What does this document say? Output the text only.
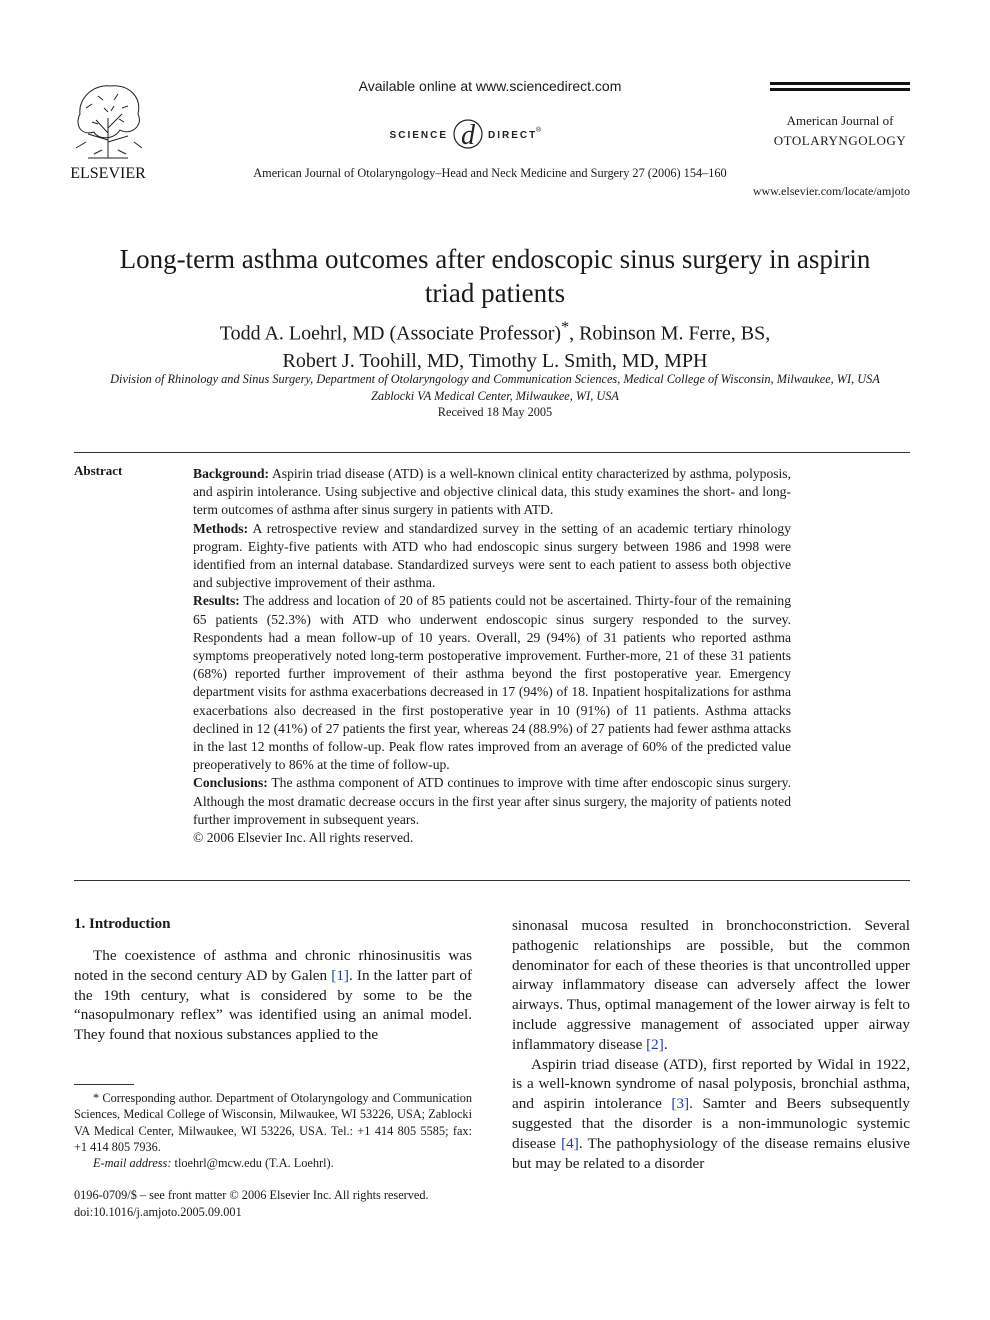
ELSEVIER
Available online at www.sciencedirect.com
SCIENCE d DIRECT
®
American Journal of Otolaryngology–Head and Neck Medicine and Surgery 27 (2006) 154–160
American Journal of
OTOLARYNGOLOGY
www.elsevier.com/locate/amjoto
Long-term asthma outcomes after endoscopic sinus surgery in aspirin triad patients
Todd A. Loehrl, MD (Associate Professor)*, Robinson M. Ferre, BS,
Robert J. Toohill, MD, Timothy L. Smith, MD, MPH
Division of Rhinology and Sinus Surgery, Department of Otolaryngology and Communication Sciences, Medical College of Wisconsin, Milwaukee, WI, USA
Zablocki VA Medical Center, Milwaukee, WI, USA
Received 18 May 2005
Abstract	Background: Aspirin triad disease (ATD) is a well-known clinical entity characterized by asthma, polyposis, and aspirin intolerance. Using subjective and objective clinical data, this study examines the short- and long-term outcomes of asthma after sinus surgery in patients with ATD.

Methods: A retrospective review and standardized survey in the setting of an academic tertiary rhinology program. Eighty-five patients with ATD who had endoscopic sinus surgery between 1986 and 1998 were identified from an internal database. Standardized surveys were sent to each patient to assess both objective and subjective improvement of their asthma.

Results: The address and location of 20 of 85 patients could not be ascertained. Thirty-four of the remaining 65 patients (52.3%) with ATD who underwent endoscopic sinus surgery responded to the survey. Respondents had a mean follow-up of 10 years. Overall, 29 (94%) of 31 patients who reported asthma symptoms preoperatively noted long-term postoperative improvement. Further-more, 21 of these 31 patients (68%) reported further improvement of their asthma beyond the first postoperative year. Emergency department visits for asthma exacerbations decreased in 17 (94%) of 18. Inpatient hospitalizations for asthma exacerbations also decreased in the first postoperative year in 10 (91%) of 11 patients. Asthma attacks declined in 12 (41%) of 27 patients the first year, whereas 24 (88.9%) of 27 patients had fewer asthma attacks in the last 12 months of follow-up. Peak flow rates improved from an average of 60% of the predicted value preoperatively to 86% at the time of follow-up.

Conclusions: The asthma component of ATD continues to improve with time after endoscopic sinus surgery. Although the most dramatic decrease occurs in the first year after sinus surgery, the majority of patients noted further improvement in subsequent years.

© 2006 Elsevier Inc. All rights reserved.

1. Introduction

The coexistence of asthma and chronic rhinosinusitis was noted in the second century AD by Galen [1]. In the latter part of the 19th century, what is considered by some to be the “nasopulmonary reflex” was identified using an animal model. They found that noxious substances applied to the

* Corresponding author. Department of Otolaryngology and Communication Sciences, Medical College of Wisconsin, Milwaukee, WI 53226, USA; Zablocki VA Medical Center, Milwaukee, WI 53226, USA. Tel.: +1 414 805 5585; fax: +1 414 805 7936.

E-mail address: tloehrl@mcw.edu (T.A. Loehrl).

0196-0709/$ – see front matter © 2006 Elsevier Inc. All rights reserved.
doi:10.1016/j.amjoto.2005.09.001

sinonasal mucosa resulted in bronchoconstriction. Several pathogenic relationships are possible, but the common denominator for each of these theories is that uncontrolled upper airway inflammatory disease can adversely affect the lower airways. Thus, optimal management of the lower airway is felt to include aggressive management of associated upper airway inflammatory disease [2].

Aspirin triad disease (ATD), first reported by Widal in 1922, is a well-known syndrome of nasal polyposis, bronchial asthma, and aspirin intolerance [3]. Samter and Beers subsequently suggested that the disorder is a non-immunologic systemic disease [4]. The pathophysiology of the disease remains elusive but may be related to a disorder
